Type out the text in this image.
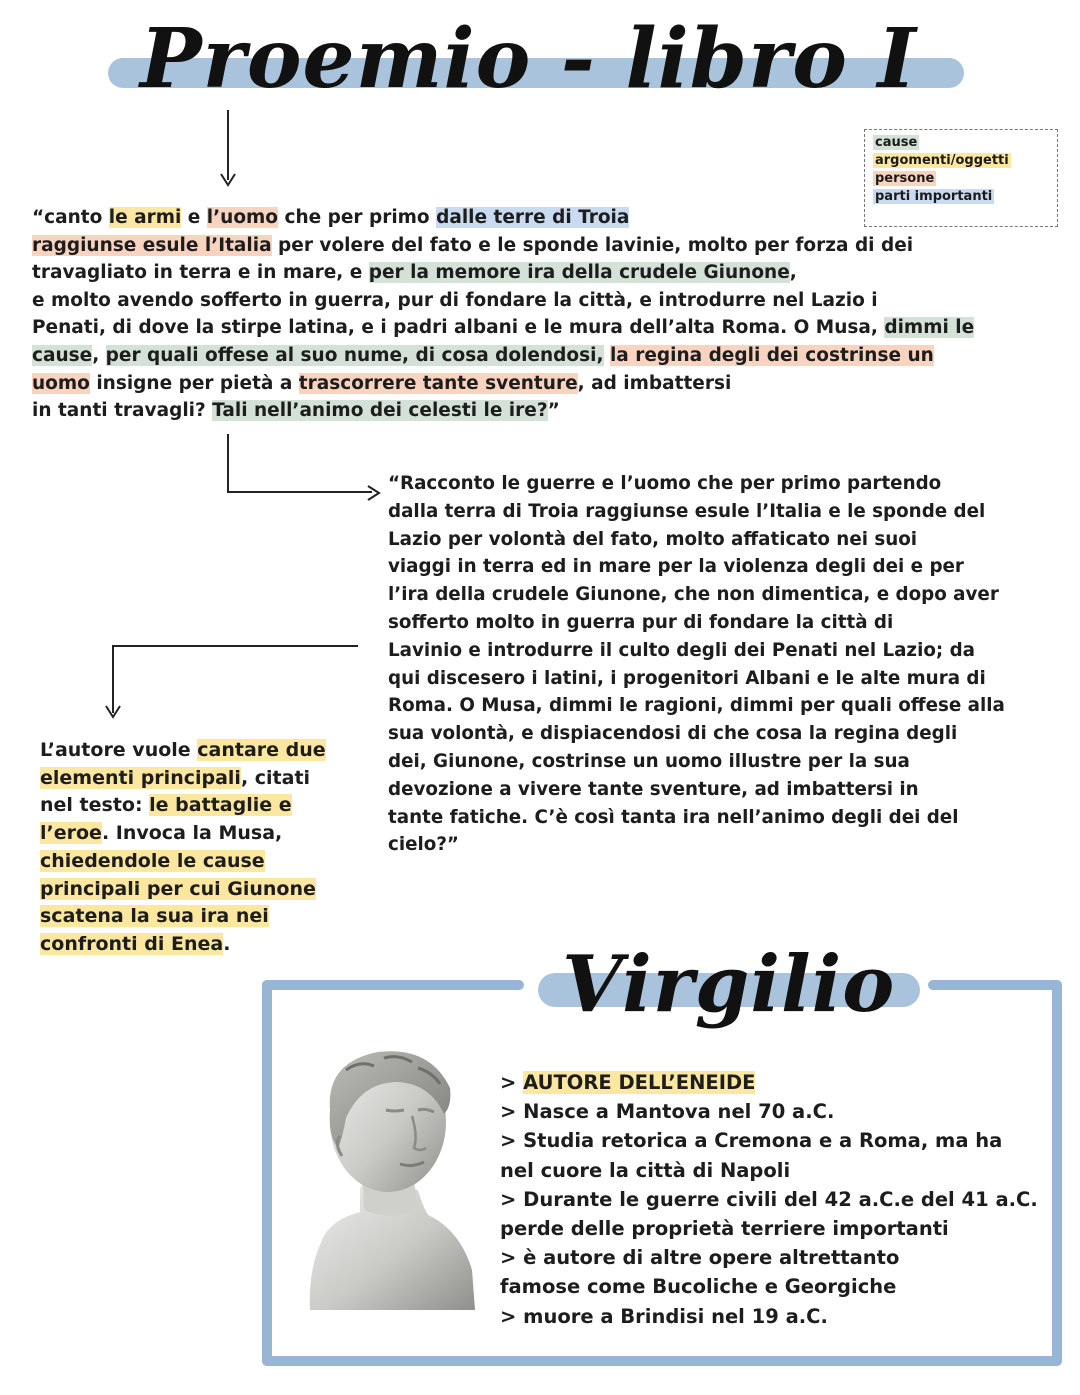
Proemio - libro I
cause
argomenti/oggetti
persone
parti importanti
“canto le armi e l’uomo che per primo dalle terre di Troia
raggiunse esule l’Italia per volere del fato e le sponde lavinie, molto per forza di dei
travagliato in terra e in mare, e per la memore ira della crudele Giunone,
e molto avendo sofferto in guerra, pur di fondare la città, e introdurre nel Lazio i
Penati, di dove la stirpe latina, e i padri albani e le mura dell’alta Roma. O Musa, dimmi le
cause, per quali offese al suo nume, di cosa dolendosi, la regina degli dei costrinse un
uomo insigne per pietà a trascorrere tante sventure, ad imbattersi
in tanti travagli? Tali nell’animo dei celesti le ire?”
“Racconto le guerre e l’uomo che per primo partendo
dalla terra di Troia raggiunse esule l’Italia e le sponde del
Lazio per volontà del fato, molto affaticato nei suoi
viaggi in terra ed in mare per la violenza degli dei e per
l’ira della crudele Giunone, che non dimentica, e dopo aver
sofferto molto in guerra pur di fondare la città di
Lavinio e introdurre il culto degli dei Penati nel Lazio; da
qui discesero i latini, i progenitori Albani e le alte mura di
Roma. O Musa, dimmi le ragioni, dimmi per quali offese alla
sua volontà, e dispiacendosi di che cosa la regina degli
dei, Giunone, costrinse un uomo illustre per la sua
devozione a vivere tante sventure, ad imbattersi in
tante fatiche. C’è così tanta ira nell’animo degli dei del
cielo?”
L’autore vuole cantare due
elementi principali, citati
nel testo: le battaglie e
l’eroe. Invoca la Musa,
chiedendole le cause
principali per cui Giunone
scatena la sua ira nei
confronti di Enea.	Virgilio
> AUTORE DELL’ENEIDE
> Nasce a Mantova nel 70 a.C.
> Studia retorica a Cremona e a Roma, ma ha
nel cuore la città di Napoli
> Durante le guerre civili del 42 a.C.e del 41 a.C.
perde delle proprietà terriere importanti
> è autore di altre opere altrettanto
famose come Bucoliche e Georgiche
> muore a Brindisi nel 19 a.C.
